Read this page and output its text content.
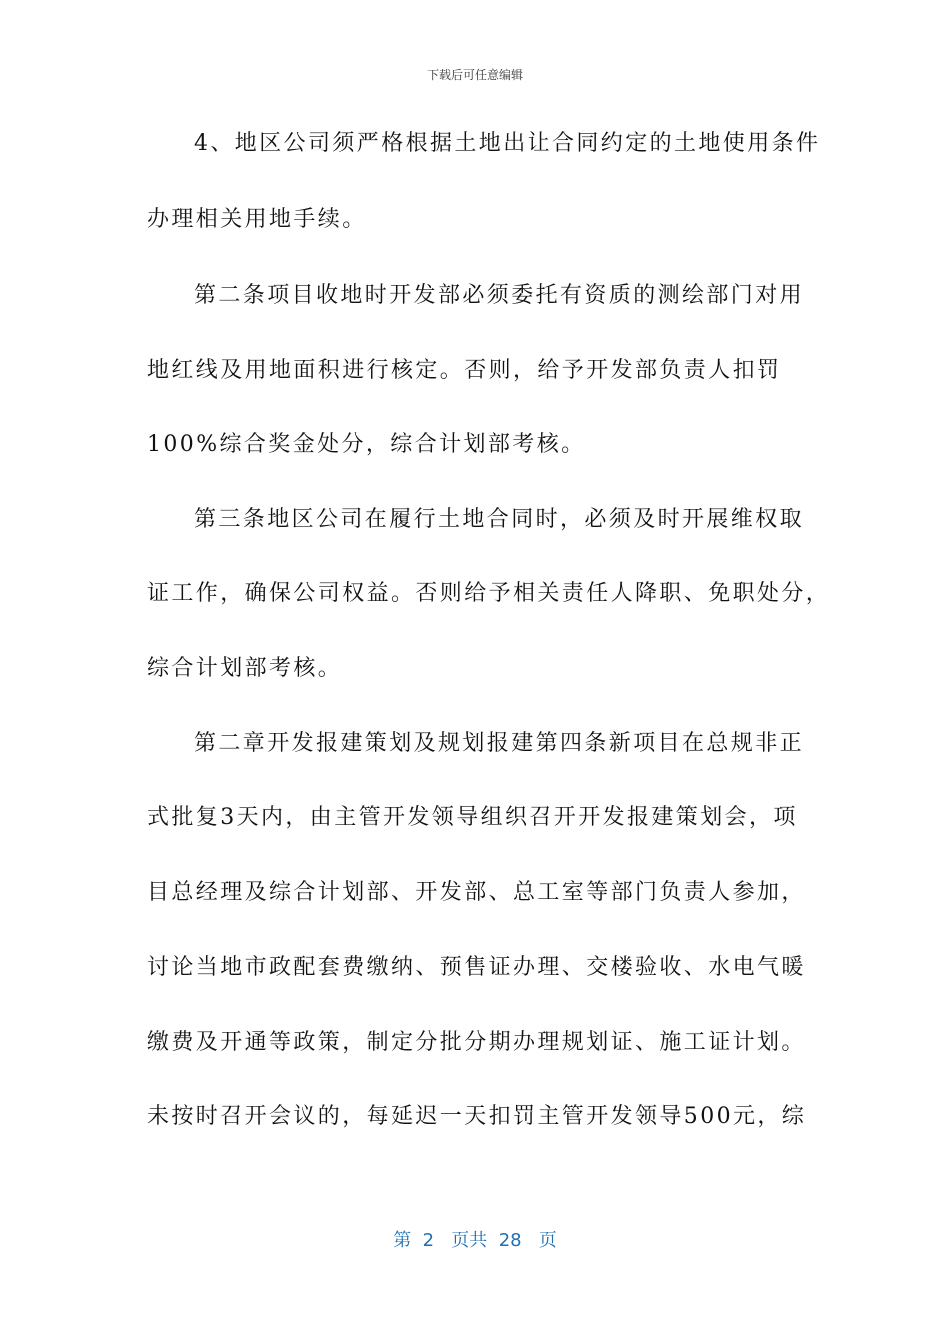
下载后可任意编辑
4、地区公司须严格根据土地出让合同约定的土地使用条件
办理相关用地手续。
第二条项目收地时开发部必须委托有资质的测绘部门对用
地红线及用地面积进行核定。否则，给予开发部负责人扣罚
100%综合奖金处分，综合计划部考核。
第三条地区公司在履行土地合同时，必须及时开展维权取
证工作，确保公司权益。否则给予相关责任人降职、免职处分，
综合计划部考核。
第二章开发报建策划及规划报建第四条新项目在总规非正
式批复3天内，由主管开发领导组织召开开发报建策划会，项
目总经理及综合计划部、开发部、总工室等部门负责人参加，
讨论当地市政配套费缴纳、预售证办理、交楼验收、水电气暖
缴费及开通等政策，制定分批分期办理规划证、施工证计划。
未按时召开会议的，每延迟一天扣罚主管开发领导500元，综
第  2   页共  28   页
